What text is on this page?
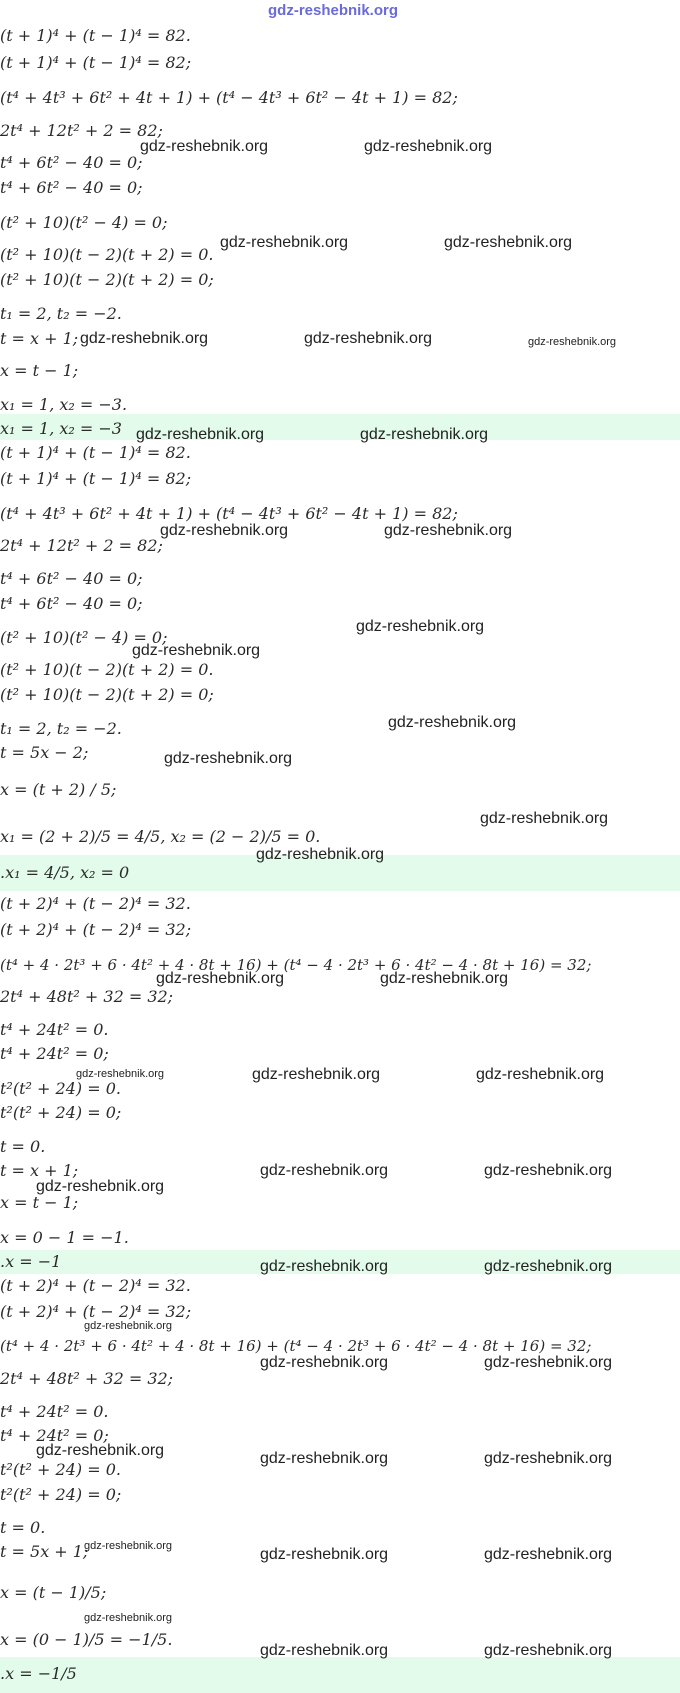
gdz-reshebnik.org
(t + 1)⁴ + (t − 1)⁴ = 82.
(t + 1)⁴ + (t − 1)⁴ = 82;
(t⁴ + 4t³ + 6t² + 4t + 1) + (t⁴ − 4t³ + 6t² − 4t + 1) = 82;
2t⁴ + 12t² + 2 = 82;
t⁴ + 6t² − 40 = 0;
t⁴ + 6t² − 40 = 0;
(t² + 10)(t² − 4) = 0;
(t² + 10)(t − 2)(t + 2) = 0.
(t² + 10)(t − 2)(t + 2) = 0;
t₁ = 2, t₂ = −2.
t = x + 1;
x = t − 1;
x₁ = 1, x₂ = −3.
x₁ = 1, x₂ = −3
(t + 1)⁴ + (t − 1)⁴ = 82.
(t + 1)⁴ + (t − 1)⁴ = 82;
(t⁴ + 4t³ + 6t² + 4t + 1) + (t⁴ − 4t³ + 6t² − 4t + 1) = 82;
2t⁴ + 12t² + 2 = 82;
t⁴ + 6t² − 40 = 0;
t⁴ + 6t² − 40 = 0;
(t² + 10)(t² − 4) = 0;
(t² + 10)(t − 2)(t + 2) = 0.
(t² + 10)(t − 2)(t + 2) = 0;
t₁ = 2, t₂ = −2.
t = 5x − 2;
x = (t + 2) / 5;
x₁ = (2 + 2)/5 = 4/5, x₂ = (2 − 2)/5 = 0.
.x₁ = 4/5, x₂ = 0
(t + 2)⁴ + (t − 2)⁴ = 32.
(t + 2)⁴ + (t − 2)⁴ = 32;
(t⁴ + 4 · 2t³ + 6 · 4t² + 4 · 8t + 16) + (t⁴ − 4 · 2t³ + 6 · 4t² − 4 · 8t + 16) = 32;
2t⁴ + 48t² + 32 = 32;
t⁴ + 24t² = 0.
t⁴ + 24t² = 0;
t²(t² + 24) = 0.
t²(t² + 24) = 0;
t = 0.
t = x + 1;
x = t − 1;
x = 0 − 1 = −1.
.x = −1
(t + 2)⁴ + (t − 2)⁴ = 32.
(t + 2)⁴ + (t − 2)⁴ = 32;
(t⁴ + 4 · 2t³ + 6 · 4t² + 4 · 8t + 16) + (t⁴ − 4 · 2t³ + 6 · 4t² − 4 · 8t + 16) = 32;
2t⁴ + 48t² + 32 = 32;
t⁴ + 24t² = 0.
t⁴ + 24t² = 0;
t²(t² + 24) = 0.
t²(t² + 24) = 0;
t = 0.
t = 5x + 1;
x = (t − 1)/5;
x = (0 − 1)/5 = −1/5.
.x = −1/5
gdz-reshebnik.org	gdz-reshebnik.org
gdz-reshebnik.org	gdz-reshebnik.org
gdz-reshebnik.org	gdz-reshebnik.org	gdz-reshebnik.org
gdz-reshebnik.org	gdz-reshebnik.org
gdz-reshebnik.org	gdz-reshebnik.org
gdz-reshebnik.org
gdz-reshebnik.org
gdz-reshebnik.org
gdz-reshebnik.org
gdz-reshebnik.org
gdz-reshebnik.org
gdz-reshebnik.org	gdz-reshebnik.org
gdz-reshebnik.org	gdz-reshebnik.org	gdz-reshebnik.org
gdz-reshebnik.org	gdz-reshebnik.org
gdz-reshebnik.org
gdz-reshebnik.org	gdz-reshebnik.org
gdz-reshebnik.org
gdz-reshebnik.org	gdz-reshebnik.org
gdz-reshebnik.org	gdz-reshebnik.org	gdz-reshebnik.org
gdz-reshebnik.org	gdz-reshebnik.org	gdz-reshebnik.org
gdz-reshebnik.org
gdz-reshebnik.org	gdz-reshebnik.org
